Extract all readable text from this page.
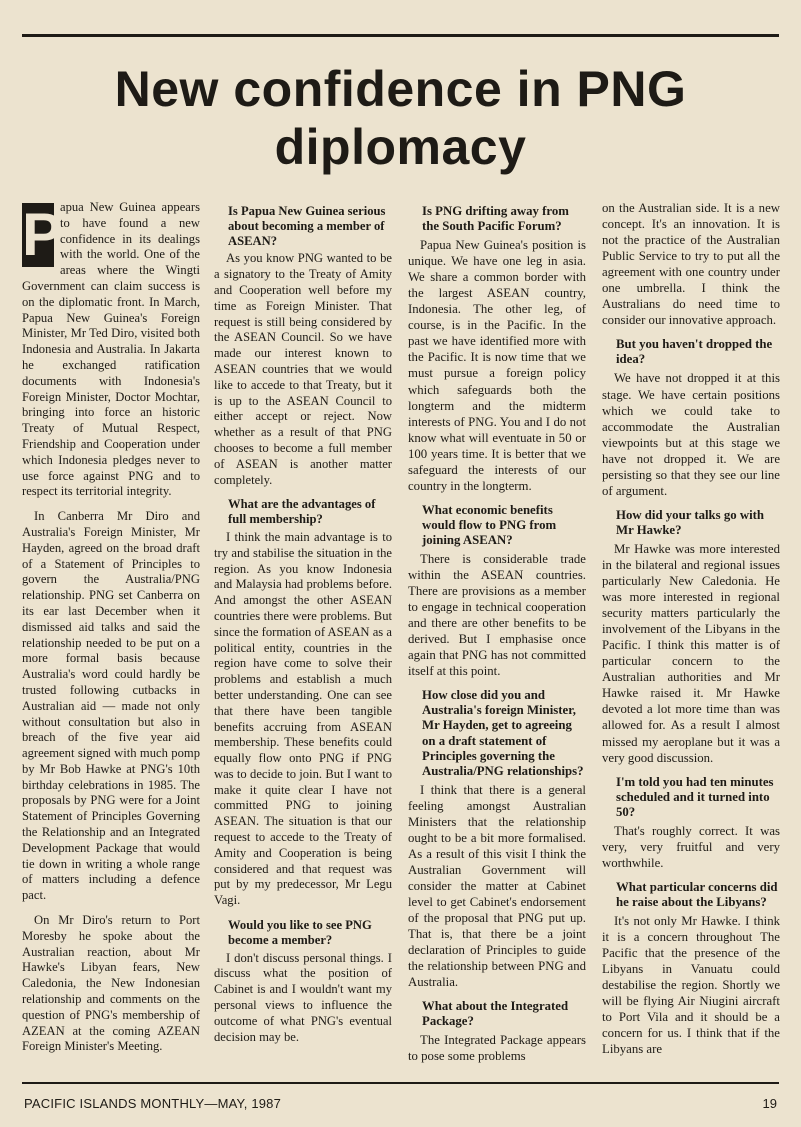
New confidence in PNG diplomacy

P
apua New Guinea appears to have found a new confidence in its dealings with the world. One of the areas where the Wingti Government can claim success is on the diplomatic front. In March, Papua New Guinea's Foreign Minister, Mr Ted Diro, visited both Indonesia and Australia. In Jakarta he exchanged ratification documents with Indonesia's Foreign Minister, Doctor Mochtar, bringing into force an historic Treaty of Mutual Respect, Friendship and Cooperation under which Indonesia pledges never to use force against PNG and to respect its territorial integrity.

In Canberra Mr Diro and Australia's Foreign Minister, Mr Hayden, agreed on the broad draft of a Statement of Principles to govern the Australia/PNG relationship. PNG set Canberra on its ear last December when it dismissed aid talks and said the relationship needed to be put on a more formal basis because Australia's word could hardly be trusted following cutbacks in Australian aid — made not only without consultation but also in breach of the five year aid agreement signed with much pomp by Mr Bob Hawke at PNG's 10th birthday celebrations in 1985. The proposals by PNG were for a Joint Statement of Principles Governing the Relationship and an Integrated Development Package that would tie down in writing a whole range of matters including a defence pact.

On Mr Diro's return to Port Moresby he spoke about the Australian reaction, about Mr Hawke's Libyan fears, New Caledonia, the New Indonesian relationship and comments on the question of PNG's membership of AZEAN at the coming AZEAN Foreign Minister's Meeting.

Is Papua New Guinea serious about becoming a member of ASEAN?

As you know PNG wanted to be a signatory to the Treaty of Amity and Cooperation well before my time as Foreign Minister. That request is still being considered by the ASEAN Council. So we have made our interest known to ASEAN countries that we would like to accede to that Treaty, but it is up to the ASEAN Council to either accept or reject. Now whether as a result of that PNG chooses to become a full member of ASEAN is another matter completely.

What are the advantages of full membership?

I think the main advantage is to try and stabilise the situation in the region. As you know Indonesia and Malaysia had problems before. And amongst the other ASEAN countries there were problems. But since the formation of ASEAN as a political entity, countries in the region have come to solve their problems and establish a much better understanding. One can see that there have been tangible benefits accruing from ASEAN membership. These benefits could equally flow onto PNG if PNG was to decide to join. But I want to make it quite clear I have not committed PNG to joining ASEAN. The situation is that our request to accede to the Treaty of Amity and Cooperation is being considered and that request was put by my predecessor, Mr Legu Vagi.

Would you like to see PNG become a member?

I don't discuss personal things. I discuss what the position of Cabinet is and I wouldn't want my personal views to influence the outcome of what PNG's eventual decision may be.

Is PNG drifting away from the South Pacific Forum?

Papua New Guinea's position is unique. We have one leg in asia. We share a common border with the largest ASEAN country, Indonesia. The other leg, of course, is in the Pacific. In the past we have identified more with the Pacific. It is now time that we must pursue a foreign policy which safeguards both the longterm and the midterm interests of PNG. You and I do not know what will eventuate in 50 or 100 years time. It is better that we safeguard the interests of our country in the longterm.

What economic benefits would flow to PNG from joining ASEAN?

There is considerable trade within the ASEAN countries. There are provisions as a member to engage in technical cooperation and there are other benefits to be derived. But I emphasise once again that PNG has not committed itself at this point.

How close did you and Australia's foreign Minister, Mr Hayden, get to agreeing on a draft statement of Principles governing the Australia/PNG relationships?

I think that there is a general feeling amongst Australian Ministers that the relationship ought to be a bit more formalised. As a result of this visit I think the Australian Government will consider the matter at Cabinet level to get Cabinet's endorsement of the proposal that PNG put up. That is, that there be a joint declaration of Principles to guide the relationship between PNG and Australia.

What about the Integrated Package?

The Integrated Package appears to pose some problems

on the Australian side. It is a new concept. It's an innovation. It is not the practice of the Australian Public Service to try to put all the agreement with one country under one umbrella. I think the Australians do need time to consider our innovative approach.

But you haven't dropped the idea?

We have not dropped it at this stage. We have certain positions which we could take to accommodate the Australian viewpoints but at this stage we have not dropped it. We are persisting so that they see our line of argument.

How did your talks go with Mr Hawke?

Mr Hawke was more interested in the bilateral and regional issues particularly New Caledonia. He was more interested in regional security matters particularly the involvement of the Libyans in the Pacific. I think this matter is of particular concern to the Australian authorities and Mr Hawke raised it. Mr Hawke devoted a lot more time than was allowed for. As a result I almost missed my aeroplane but it was a very good discussion.

I'm told you had ten minutes scheduled and it turned into 50?

That's roughly correct. It was very, very fruitful and very worthwhile.

What particular concerns did he raise about the Libyans?

It's not only Mr Hawke. I think it is a concern throughout The Pacific that the presence of the Libyans in Vanuatu could destabilise the region. Shortly we will be flying Air Niugini aircraft to Port Vila and it should be a concern for us. I think that if the Libyans are

PACIFIC ISLANDS MONTHLY—MAY, 1987	19
